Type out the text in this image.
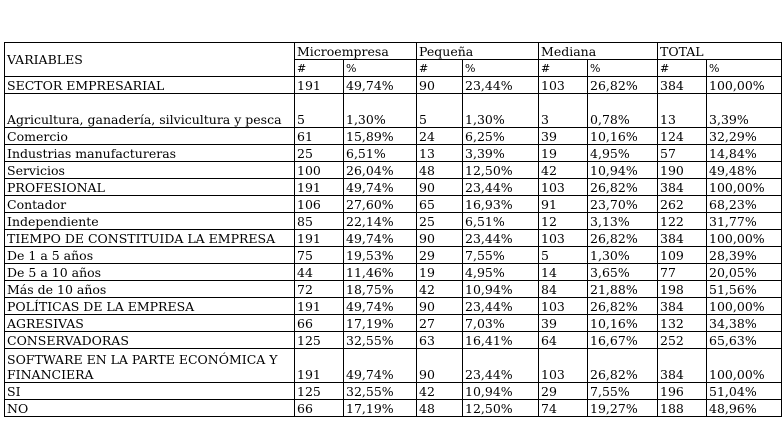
VARIABLES	Microempresa		Pequeña		Mediana		TOTAL	
	#	%	#	%	#	%	#	%
SECTOR EMPRESARIAL	191	49,74%	90	23,44%	103	26,82%	384	100,00%
Agricultura, ganadería, silvicultura y pesca	5	1,30%	5	1,30%	3	0,78%	13	3,39%
Comercio	61	15,89%	24	6,25%	39	10,16%	124	32,29%
Industrias manufactureras	25	6,51%	13	3,39%	19	4,95%	57	14,84%
Servicios	100	26,04%	48	12,50%	42	10,94%	190	49,48%
PROFESIONAL	191	49,74%	90	23,44%	103	26,82%	384	100,00%
Contador	106	27,60%	65	16,93%	91	23,70%	262	68,23%
Independiente	85	22,14%	25	6,51%	12	3,13%	122	31,77%
TIEMPO DE CONSTITUIDA LA EMPRESA	191	49,74%	90	23,44%	103	26,82%	384	100,00%
De 1 a 5 años	75	19,53%	29	7,55%	5	1,30%	109	28,39%
De 5 a 10 años	44	11,46%	19	4,95%	14	3,65%	77	20,05%
Más de 10 años	72	18,75%	42	10,94%	84	21,88%	198	51,56%
POLÍTICAS DE LA EMPRESA	191	49,74%	90	23,44%	103	26,82%	384	100,00%
AGRESIVAS	66	17,19%	27	7,03%	39	10,16%	132	34,38%
CONSERVADORAS	125	32,55%	63	16,41%	64	16,67%	252	65,63%
SOFTWARE EN LA PARTE ECONÓMICA Y FINANCIERA	191	49,74%	90	23,44%	103	26,82%	384	100,00%
SI	125	32,55%	42	10,94%	29	7,55%	196	51,04%
NO	66	17,19%	48	12,50%	74	19,27%	188	48,96%
